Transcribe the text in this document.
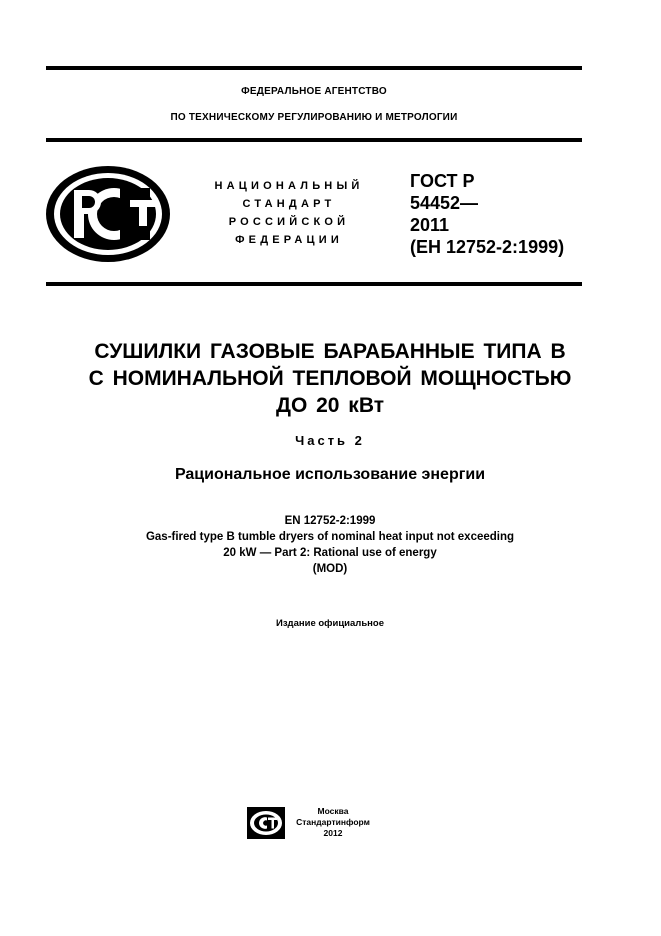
ФЕДЕРАЛЬНОЕ АГЕНТСТВО
ПО ТЕХНИЧЕСКОМУ РЕГУЛИРОВАНИЮ И МЕТРОЛОГИИ
НАЦИОНАЛЬНЫЙ
СТАНДАРТ
РОССИЙСКОЙ
ФЕДЕРАЦИИ
ГОСТ Р
54452—
2011
(ЕН 12752-2:1999)
СУШИЛКИ ГАЗОВЫЕ БАРАБАННЫЕ ТИПА В
С НОМИНАЛЬНОЙ ТЕПЛОВОЙ МОЩНОСТЬЮ
ДО 20 кВт
Часть 2
Рациональное использование энергии
EN 12752-2:1999
Gas-fired type B tumble dryers of nominal heat input not exceeding
20 kW — Part 2: Rational use of energy
(MOD)
Издание официальное
Москва
Стандартинформ
2012
